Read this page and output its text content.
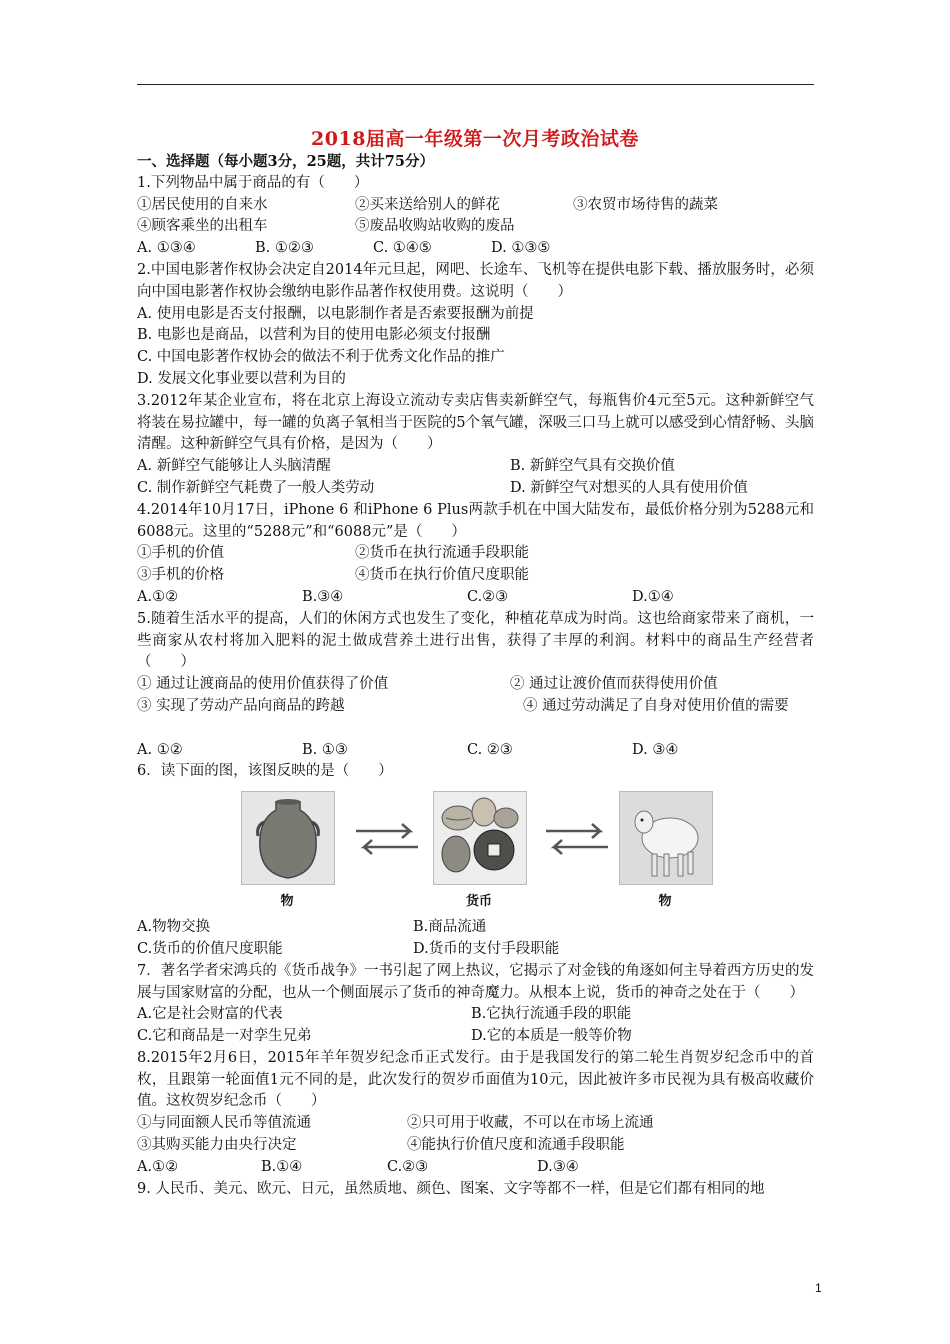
2018届高一年级第一次月考政治试卷
一、选择题（每小题3分，25题，共计75分）
1.下列物品中属于商品的有（　　）
①居民使用的自来水	②买来送给别人的鲜花	③农贸市场待售的蔬菜
④顾客乘坐的出租车	⑤废品收购站收购的废品
A. ①③④	B. ①②③	C. ①④⑤	D. ①③⑤
2.中国电影著作权协会决定自2014年元旦起，网吧、长途车、飞机等在提供电影下载、播放服务时，必须向中国电影著作权协会缴纳电影作品著作权使用费。这说明（　　）
A. 使用电影是否支付报酬，以电影制作者是否索要报酬为前提
B. 电影也是商品，以营利为目的使用电影必须支付报酬
C. 中国电影著作权协会的做法不利于优秀文化作品的推广
D. 发展文化事业要以营利为目的
3.2012年某企业宣布，将在北京上海设立流动专卖店售卖新鲜空气，每瓶售价4元至5元。这种新鲜空气将装在易拉罐中，每一罐的负离子氧相当于医院的5个氧气罐，深吸三口马上就可以感受到心情舒畅、头脑清醒。这种新鲜空气具有价格，是因为（　　）
A. 新鲜空气能够让人头脑清醒	B. 新鲜空气具有交换价值
C. 制作新鲜空气耗费了一般人类劳动	D. 新鲜空气对想买的人具有使用价值
4.2014年10月17日，iPhone 6 和iPhone 6 Plus两款手机在中国大陆发布，最低价格分别为5288元和6088元。这里的“5288元”和“6088元”是（　　）
①手机的价值	②货币在执行流通手段职能
③手机的价格	④货币在执行价值尺度职能
A.①②	B.③④	C.②③	D.①④
5.随着生活水平的提高，人们的休闲方式也发生了变化，种植花草成为时尚。这也给商家带来了商机，一些商家从农村将加入肥料的泥土做成营养土进行出售，获得了丰厚的利润。材料中的商品生产经营者（　　）
① 通过让渡商品的使用价值获得了价值	② 通过让渡价值而获得使用价值
③ 实现了劳动产品向商品的跨越	④ 通过劳动满足了自身对使用价值的需要
A. ①②	B. ①③	C. ②③	D. ③④
6．读下面的图，该图反映的是（　　）
物	货币	物
A.物物交换	B.商品流通
C.货币的价值尺度职能	D.货币的支付手段职能
7．著名学者宋鸿兵的《货币战争》一书引起了网上热议，它揭示了对金钱的角逐如何主导着西方历史的发展与国家财富的分配，也从一个侧面展示了货币的神奇魔力。从根本上说，货币的神奇之处在于（　　）
A.它是社会财富的代表	B.它执行流通手段的职能
C.它和商品是一对孪生兄弟	D.它的本质是一般等价物
8.2015年2月6日，2015年羊年贺岁纪念币正式发行。由于是我国发行的第二轮生肖贺岁纪念币中的首枚，且跟第一轮面值1元不同的是，此次发行的贺岁币面值为10元，因此被许多市民视为具有极高收藏价值。这枚贺岁纪念币（　　）
①与同面额人民币等值流通	②只可用于收藏，不可以在市场上流通
③其购买能力由央行决定	④能执行价值尺度和流通手段职能
A.①②	B.①④	C.②③	D.③④
9. 人民币、美元、欧元、日元，虽然质地、颜色、图案、文字等都不一样，但是它们都有相同的地
1
